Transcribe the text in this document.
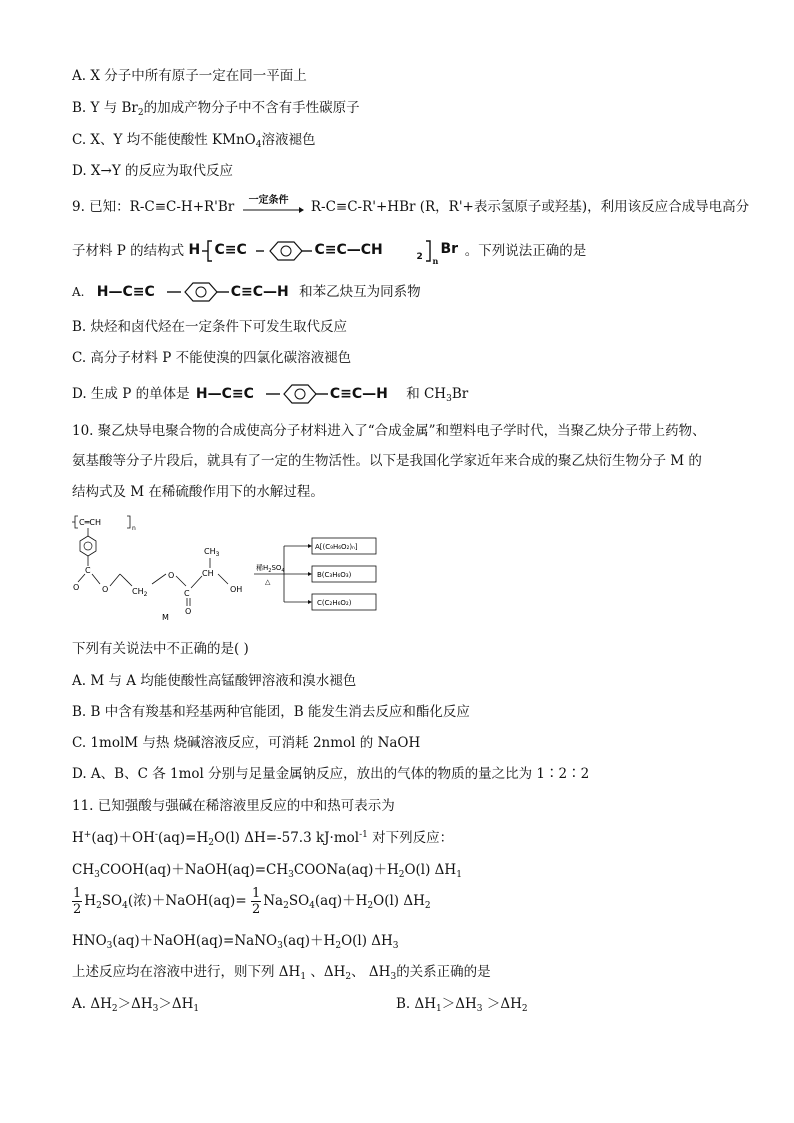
A. X 分子中所有原子一定在同一平面上
B. Y 与 $Br_2$的加成产物分子中不含有手性碳原子
C. X、Y 均不能使酸性 KMnO$_4$溶液褪色
D. X→Y 的反应为取代反应
9. 已知：R-C≡C-H+R'Br 一定条件 R-C≡C-R'+HBr (R，R'+表示氢原子或羟基)，利用该反应合成导电高分
子材料 P 的结构式 H C≡C	C≡C—CH	2 n
Br 。下列说法正确的是
A. H—C≡C	C≡C—H 和苯乙炔互为同系物
B. 炔烃和卤代烃在一定条件下可发生取代反应
C. 高分子材料 P 不能使溴的四氯化碳溶液褪色
D. 生成 P 的单体是 H—C≡C	C≡C—H 和 $CH_3Br$
10. 聚乙炔导电聚合物的合成使高分子材料进入了“合成金属”和塑料电子学时代，当聚乙炔分子带上药物、
氨基酸等分子片段后，就具有了一定的生物活性。以下是我国化学家近年来合成的聚乙炔衍生物分子 M 的
结构式及 M 在稀硫酸作用下的水解过程。
C═CH
n
C
O	O	$CH_2$
O
C
O
CH
$CH_3$
OH
M
稀$H_2SO_4$
△
A[(C₉H₆O₂)ₙ]
B(C₃H₆O₃)
C(C₂H₆O₂)
下列有关说法中不正确的是( )
A. M 与 A 均能使酸性高锰酸钾溶液和溴水褪色
B. B 中含有羧基和羟基两种官能团，B 能发生消去反应和酯化反应
C. 1molM 与热 烧碱溶液反应，可消耗 2nmol 的 NaOH
D. A、B、C 各 1mol 分别与足量金属钠反应，放出的气体的物质的量之比为 1∶2∶2
11. 已知强酸与强碱在稀溶液里反应的中和热可表示为
$H^+(aq)+OH^-(aq)=H_2O(l)$ ΔH=-57.3 kJ·mol$^{-1}$ 对下列反应：
$CH_3COOH(aq)+NaOH(aq)=CH_3COONa(aq)+H_2O(l)$ $\Delta H_1$
$\frac{1}{2} H_2SO_4$(浓)＋NaOH(aq)= $\frac{1}{2} Na_2SO_4(aq)+H_2O(l)$ $\Delta H_2$
$HNO_3(aq)+NaOH(aq)=NaNO_3(aq)+H_2O(l)$ $\Delta H_3$
上述反应均在溶液中进行，则下列 $\Delta H_1$ 、$\Delta H_2$、 $\Delta H_3$的关系正确的是
A. $\Delta H_2>\Delta H_3>\Delta H_1$	B. $\Delta H_1>\Delta H_3 >\Delta H_2$
